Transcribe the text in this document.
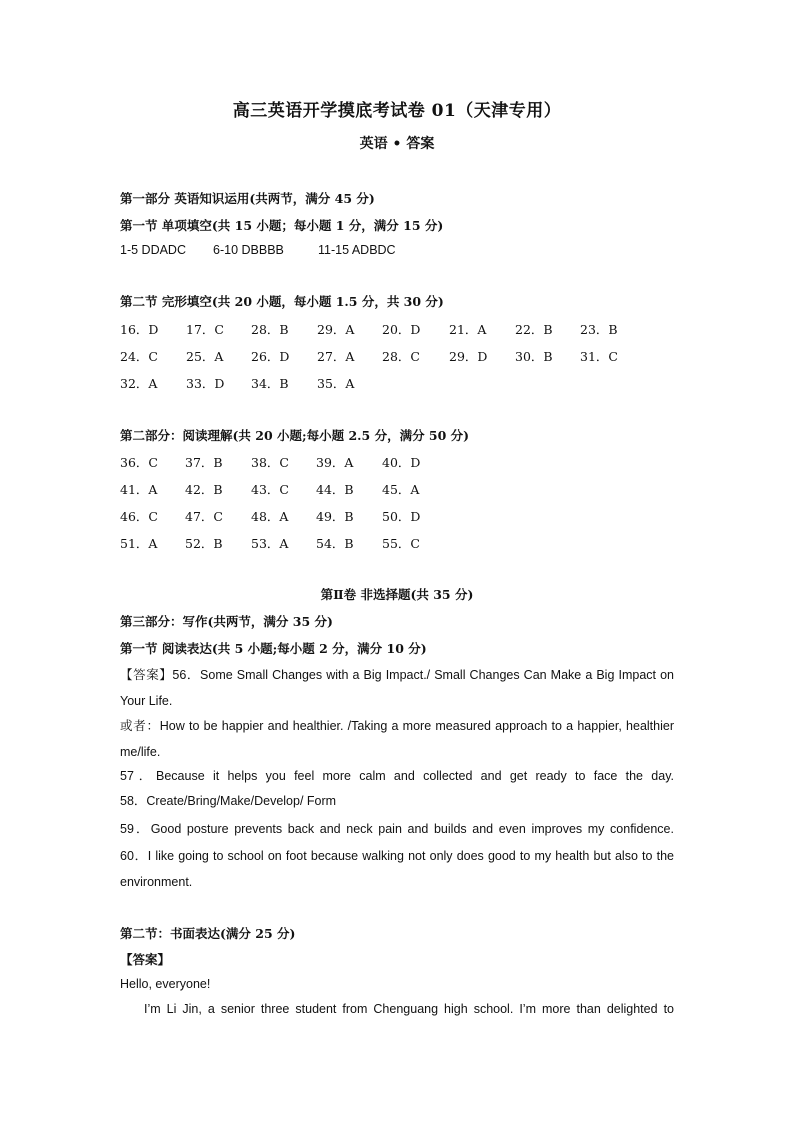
高三英语开学摸底考试卷 01（天津专用）
英语 • 答案
第一部分 英语知识运用(共两节，满分 45 分)
第一节 单项填空(共 15 小题；每小题 1 分，满分 15 分)
1-5 DDADC 6-10 DBBBB	11-15 ADBDC
第二节 完形填空(共 20 小题，每小题 1.5 分，共 30 分)
16．D 17．C 28．B 29．A 20．D 21．A 22．B 23．B
24．C 25．A 26．D 27．A 28．C 29．D 30．B 31．C
32．A 33．D 34．B 35．A
第二部分：阅读理解(共 20 小题;每小题 2.5 分，满分 50 分)
36．C 37．B 38．C 39．A 40．D
41．A 42．B 43．C 44．B 45．A
46．C 47．C 48．A 49．B 50．D
51．A 52．B 53．A 54．B 55．C
第Ⅱ卷 非选择题(共 35 分)
第三部分：写作(共两节，满分 35 分)
第一节 阅读表达(共 5 小题;每小题 2 分，满分 10 分)
【答案】56．Some Small Changes with a Big Impact./ Small Changes Can Make a Big Impact on Your Life.
或者：How to be happier and healthier. /Taking a more measured approach to a happier, healthier me/life.
57．Because it helps you feel more calm and collected and get ready to face the day.
58．Create/Bring/Make/Develop/ Form
59．Good posture prevents back and neck pain and builds and even improves my confidence.
60．I like going to school on foot because walking not only does good to my health but also to the environment.
第二节：书面表达(满分 25 分)
【答案】
Hello, everyone!
I’m Li Jin, a senior three student from Chenguang high school. I’m more than delighted to
